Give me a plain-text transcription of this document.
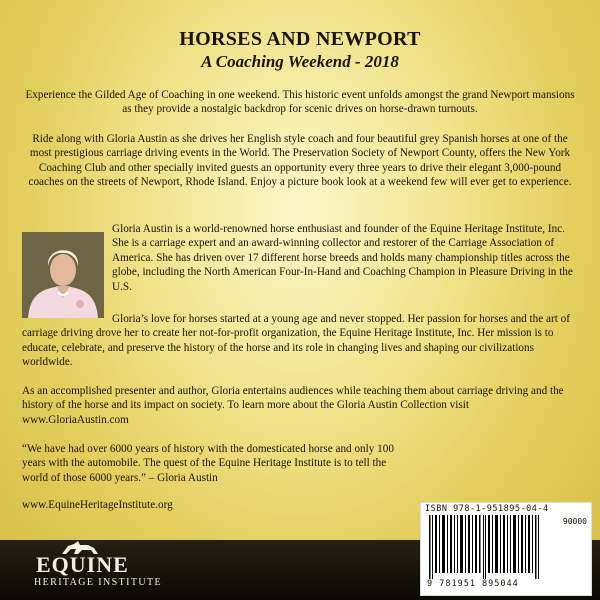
HORSES AND NEWPORT
A Coaching Weekend - 2018
Experience the Gilded Age of Coaching in one weekend. This historic event unfolds amongst the grand Newport mansions as they provide a nostalgic backdrop for scenic drives on horse-drawn turnouts.
Ride along with Gloria Austin as she drives her English style coach and four beautiful grey Spanish horses at one of the most prestigious carriage driving events in the World. The Preservation Society of Newport County, offers the New York Coaching Club and other specially invited guests an opportunity every three years to drive their elegant 3,000-pound coaches on the streets of Newport, Rhode Island. Enjoy a picture book look at a weekend few will ever get to experience.
Gloria Austin is a world-renowned horse enthusiast and founder of the Equine Heritage Institute, Inc. She is a carriage expert and an award-winning collector and restorer of the Carriage Association of America. She has driven over 17 different horse breeds and holds many championship titles across the globe, including the North American Four-In-Hand and Coaching Champion in Pleasure Driving in the U.S.
Gloria’s love for horses started at a young age and never stopped. Her passion for horses and the art of carriage driving drove her to create her not-for-profit organization, the Equine Heritage Institute, Inc. Her mission is to educate, celebrate, and preserve the history of the horse and its role in changing lives and shaping our civilizations worldwide.
As an accomplished presenter and author, Gloria entertains audiences while teaching them about carriage driving and the history of the horse and its impact on society. To learn more about the Gloria Austin Collection visit www.GloriaAustin.com
“We have had over 6000 years of history with the domesticated horse and only 100 years with the automobile. The quest of the Equine Heritage Institute is to tell the world of those 6000 years.” – Gloria Austin
www.EquineHeritageInstitute.org
EQUINE
HERITAGE INSTITUTE
ISBN 978-1-951895-04-4
90000
9 781951 895044
